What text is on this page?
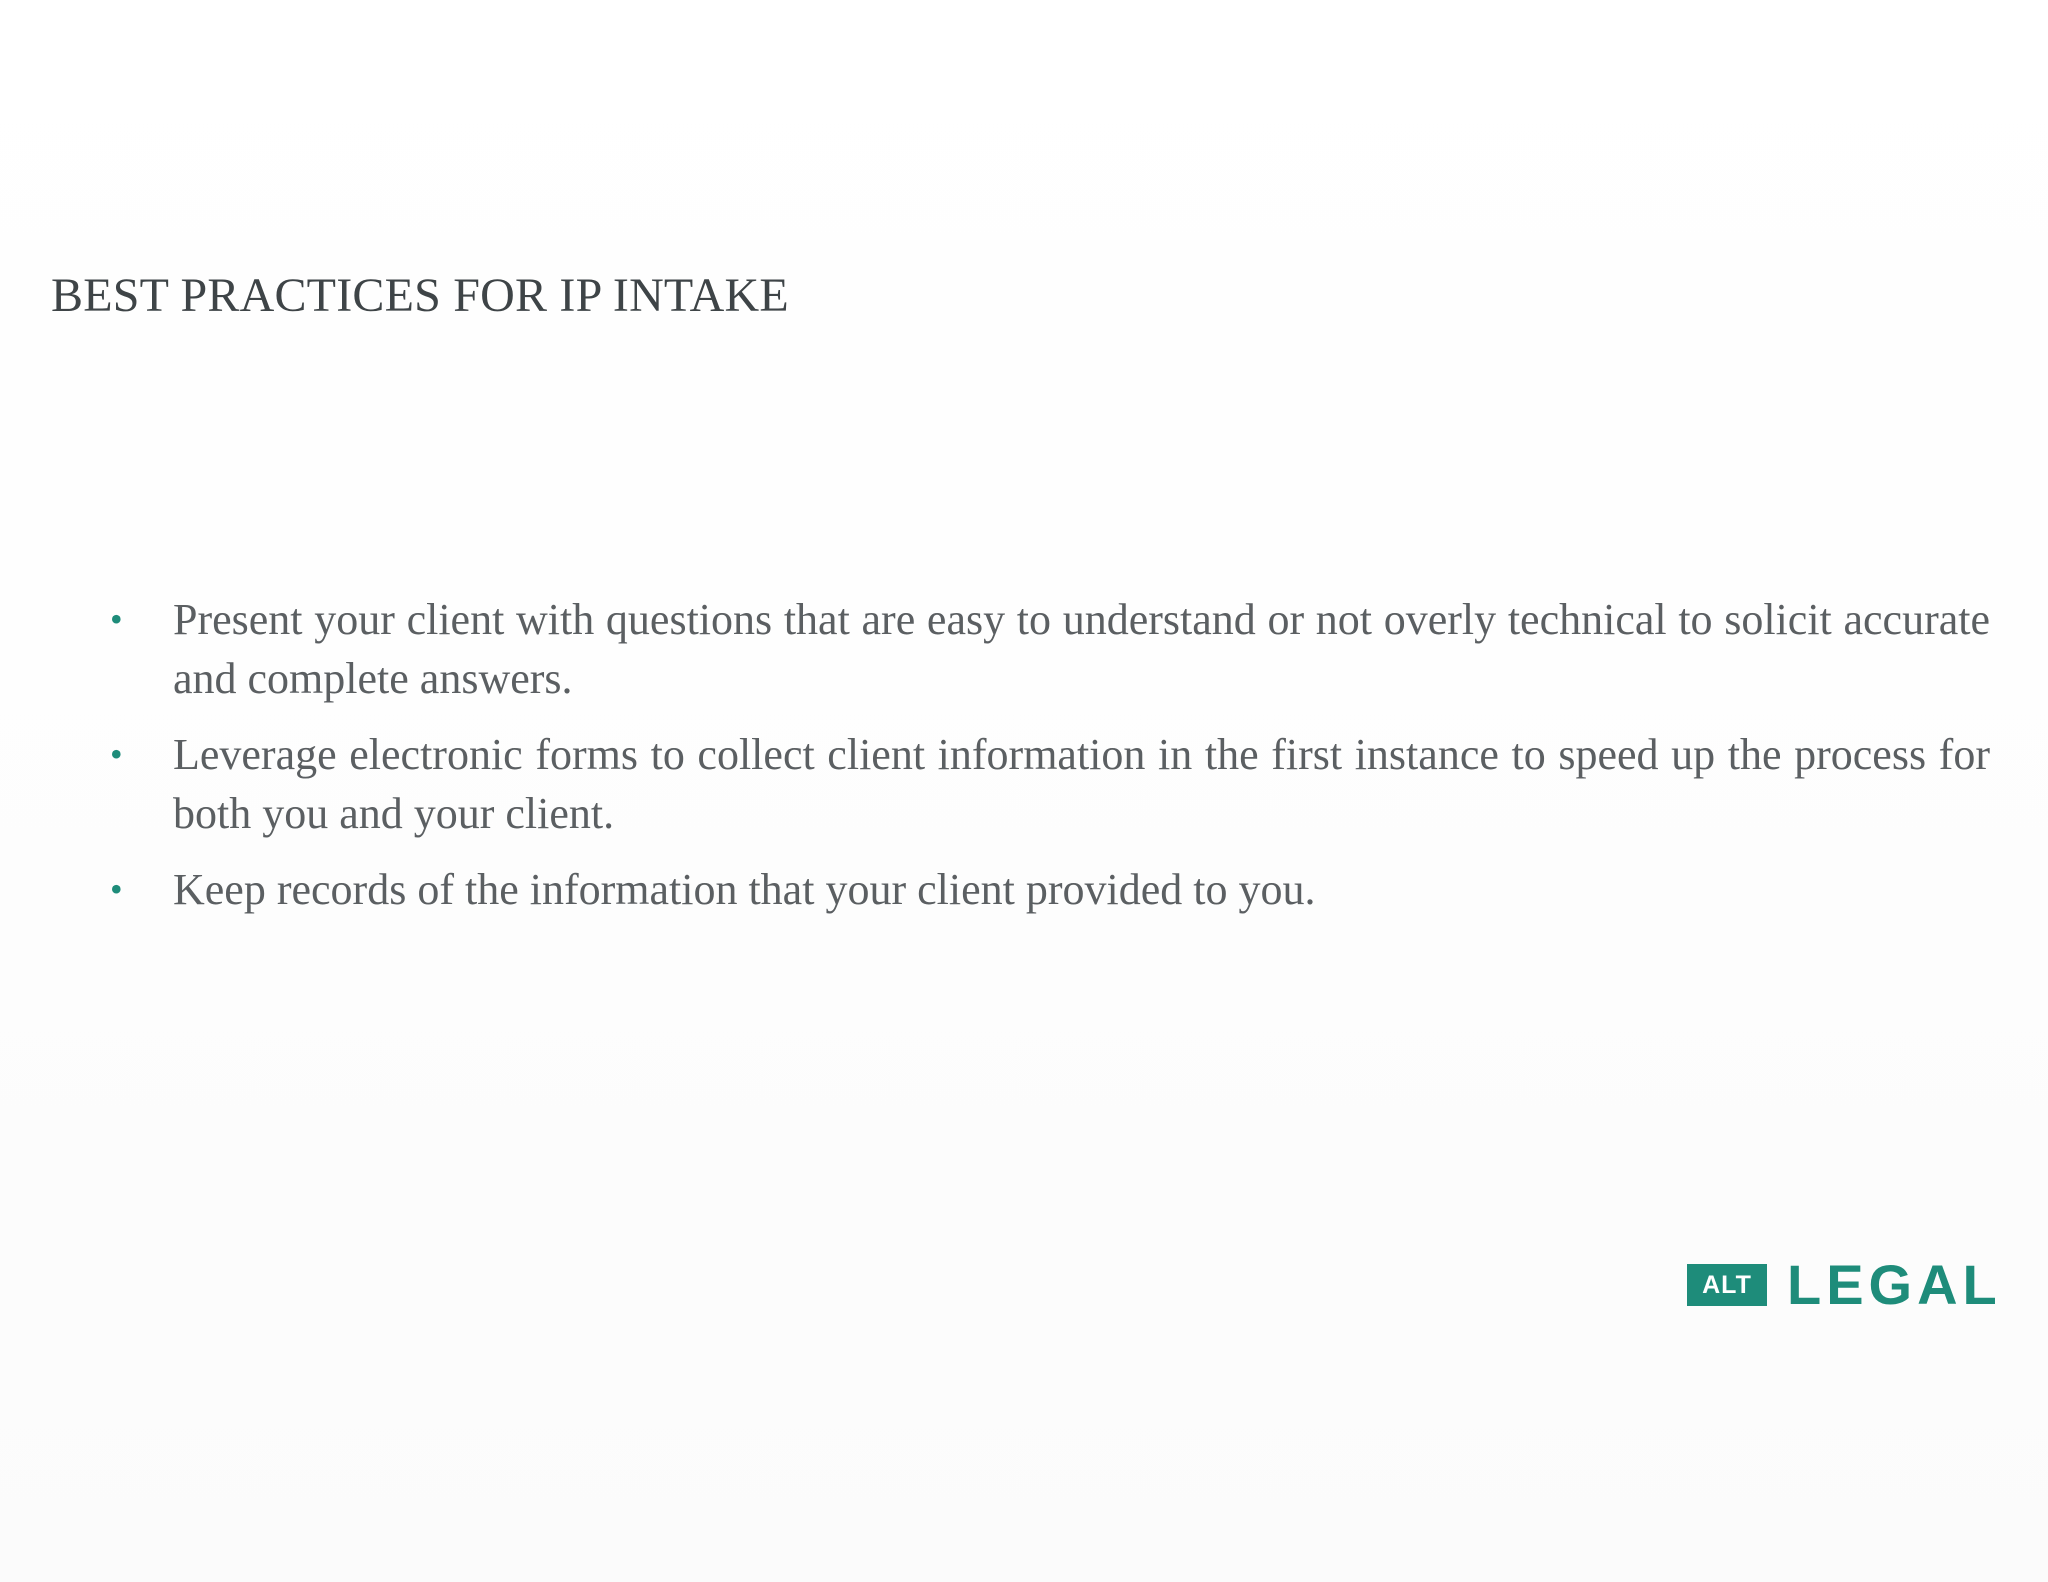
BEST PRACTICES FOR IP INTAKE
• Present your client with questions that are easy to understand or not overly technical to solicit accurate and complete answers.
• Leverage electronic forms to collect client information in the first instance to speed up the process for both you and your client.
• Keep records of the information that your client provided to you.
ALT LEGAL
